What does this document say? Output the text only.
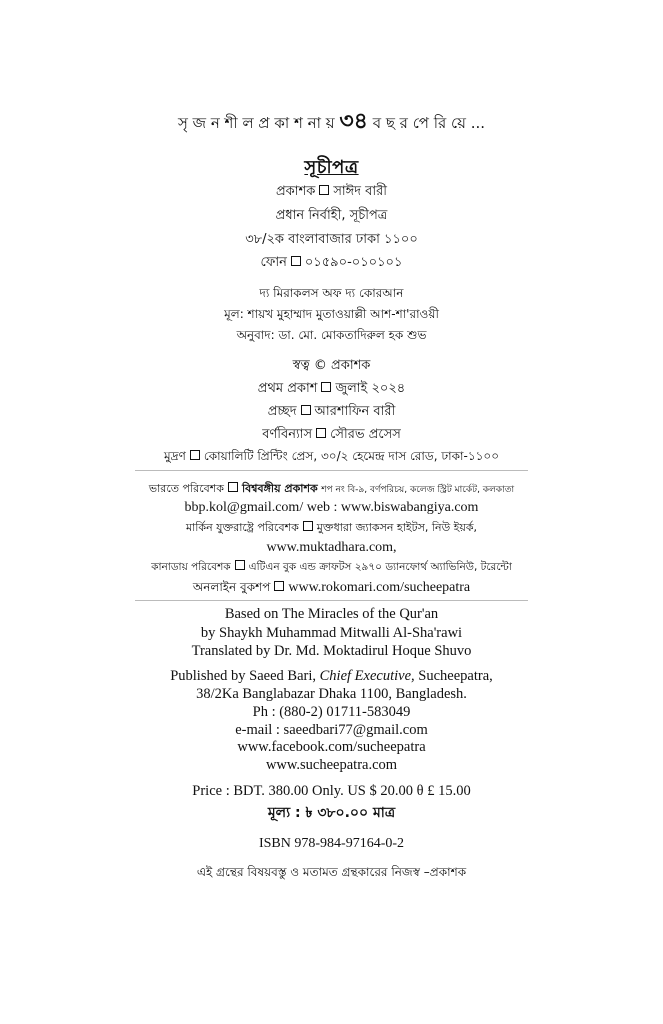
সৃ জ ন শী ল প্র কা শ না য় ৩৪ ব ছ র পে রি য়ে ...
সূচীপত্র
প্রকাশক সাঈদ বারী
প্রধান নির্বাহী, সূচীপত্র
৩৮/২ক বাংলাবাজার ঢাকা ১১০০
ফোন ০১৫৯০-০১০১০১
দ্য মিরাকলস অফ দ্য কোরআন
মূল: শায়খ মুহাম্মাদ মুতাওয়াল্লী আশ-শা'রাওয়ী
অনুবাদ: ডা. মো. মোকতাদিরুল হক শুভ
স্বত্ব © প্রকাশক
প্রথম প্রকাশ জুলাই ২০২৪
প্রচ্ছদ আরশাফিন বারী
বর্ণবিন্যাস সৌরভ প্রসেস
মুদ্রণ কোয়ালিটি প্রিন্টিং প্রেস, ৩০/২ হেমেন্দ্র দাস রোড, ঢাকা-১১০০
ভারতে পরিবেশক বিশ্ববঙ্গীয় প্রকাশক শপ নং বি-৯, বর্ণপরিচয়, কলেজ স্ট্রিট মার্কেট, কলকাতা
bbp.kol@gmail.com/ web : www.biswabangiya.com
মার্কিন যুক্তরাষ্ট্রে পরিবেশক মুক্তধারা জ্যাকসন হাইটস, নিউ ইয়র্ক,
www.muktadhara.com,
কানাডায় পরিবেশক এটিএন বুক এন্ড ক্রাফটস ২৯৭০ ড্যানফোর্থ অ্যাভিনিউ, টরেন্টো
অনলাইন বুকশপ www.rokomari.com/sucheepatra
Based on The Miracles of the Qur'an
by Shaykh Muhammad Mitwalli Al-Sha'rawi
Translated by Dr. Md. Moktadirul Hoque Shuvo
Published by Saeed Bari, Chief Executive, Sucheepatra,
38/2Ka Banglabazar Dhaka 1100, Bangladesh.
Ph : (880-2) 01711-583049
e-mail : saeedbari77@gmail.com
www.facebook.com/sucheepatra
www.sucheepatra.com
Price : BDT. 380.00 Only. US $ 20.00 θ £ 15.00
মূল্য : ৳ ৩৮০.০০ মাত্র
ISBN 978-984-97164-0-2
এই গ্রন্থের বিষয়বস্তু ও মতামত গ্রন্থকারের নিজস্ব –প্রকাশক
